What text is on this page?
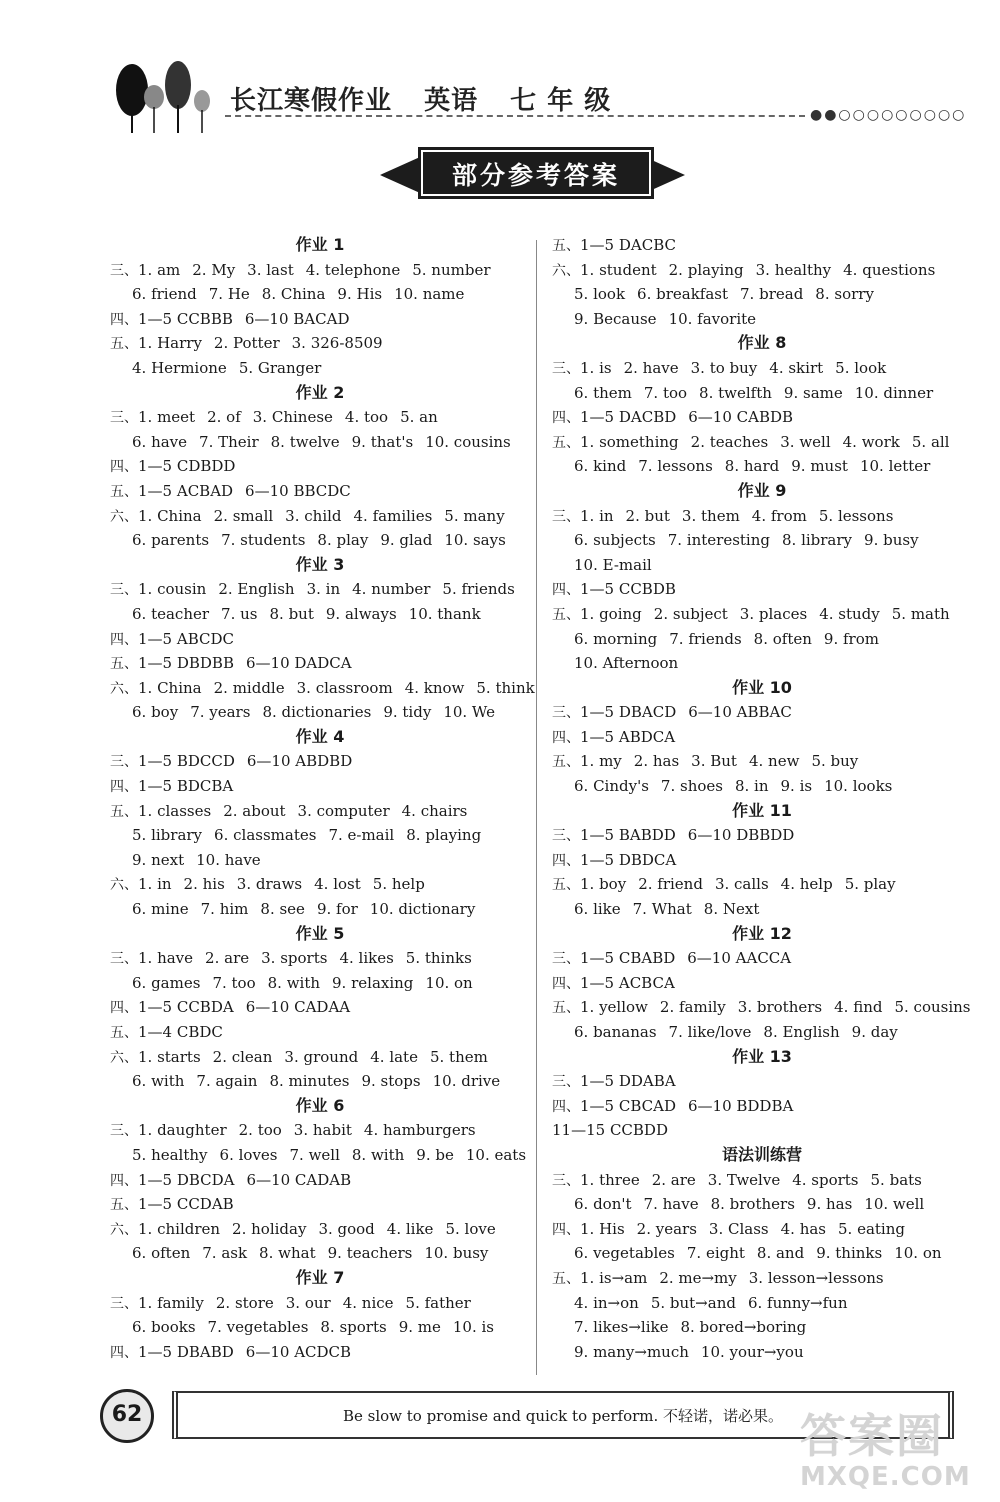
长江寒假作业 英语 七 年 级	●●○○○○○○○○○
部分参考答案
作业 1
三、1. am 2. My 3. last 4. telephone 5. number
6. friend 7. He 8. China 9. His 10. name
四、1—5 CCBBB 6—10 BACAD
五、1. Harry 2. Potter 3. 326-8509
4. Hermione 5. Granger
作业 2
三、1. meet 2. of 3. Chinese 4. too 5. an
6. have 7. Their 8. twelve 9. that's 10. cousins
四、1—5 CDBDD
五、1—5 ACBAD 6—10 BBCDC
六、1. China 2. small 3. child 4. families 5. many
6. parents 7. students 8. play 9. glad 10. says
作业 3
三、1. cousin 2. English 3. in 4. number 5. friends
6. teacher 7. us 8. but 9. always 10. thank
四、1—5 ABCDC
五、1—5 DBDBB 6—10 DADCA
六、1. China 2. middle 3. classroom 4. know 5. think
6. boy 7. years 8. dictionaries 9. tidy 10. We
作业 4
三、1—5 BDCCD 6—10 ABDBD
四、1—5 BDCBA
五、1. classes 2. about 3. computer 4. chairs
5. library 6. classmates 7. e-mail 8. playing
9. next 10. have
六、1. in 2. his 3. draws 4. lost 5. help
6. mine 7. him 8. see 9. for 10. dictionary
作业 5
三、1. have 2. are 3. sports 4. likes 5. thinks
6. games 7. too 8. with 9. relaxing 10. on
四、1—5 CCBDA 6—10 CADAA
五、1—4 CBDC
六、1. starts 2. clean 3. ground 4. late 5. them
6. with 7. again 8. minutes 9. stops 10. drive
作业 6
三、1. daughter 2. too 3. habit 4. hamburgers
5. healthy 6. loves 7. well 8. with 9. be 10. eats
四、1—5 DBCDA 6—10 CADAB
五、1—5 CCDAB
六、1. children 2. holiday 3. good 4. like 5. love
6. often 7. ask 8. what 9. teachers 10. busy
作业 7
三、1. family 2. store 3. our 4. nice 5. father
6. books 7. vegetables 8. sports 9. me 10. is
四、1—5 DBABD 6—10 ACDCB
五、1—5 DACBC
六、1. student 2. playing 3. healthy 4. questions
5. look 6. breakfast 7. bread 8. sorry
9. Because 10. favorite
作业 8
三、1. is 2. have 3. to buy 4. skirt 5. look
6. them 7. too 8. twelfth 9. same 10. dinner
四、1—5 DACBD 6—10 CABDB
五、1. something 2. teaches 3. well 4. work 5. all
6. kind 7. lessons 8. hard 9. must 10. letter
作业 9
三、1. in 2. but 3. them 4. from 5. lessons
6. subjects 7. interesting 8. library 9. busy
10. E-mail
四、1—5 CCBDB
五、1. going 2. subject 3. places 4. study 5. math
6. morning 7. friends 8. often 9. from
10. Afternoon
作业 10
三、1—5 DBACD 6—10 ABBAC
四、1—5 ABDCA
五、1. my 2. has 3. But 4. new 5. buy
6. Cindy's 7. shoes 8. in 9. is 10. looks
作业 11
三、1—5 BABDD 6—10 DBBDD
四、1—5 DBDCA
五、1. boy 2. friend 3. calls 4. help 5. play
6. like 7. What 8. Next
作业 12
三、1—5 CBABD 6—10 AACCA
四、1—5 ACBCA
五、1. yellow 2. family 3. brothers 4. find 5. cousins
6. bananas 7. like/love 8. English 9. day
作业 13
三、1—5 DDABA
四、1—5 CBCAD 6—10 BDDBA
11—15 CCBDD
语法训练营
三、1. three 2. are 3. Twelve 4. sports 5. bats
6. don't 7. have 8. brothers 9. has 10. well
四、1. His 2. years 3. Class 4. has 5. eating
6. vegetables 7. eight 8. and 9. thinks 10. on
五、1. is→am 2. me→my 3. lesson→lessons
4. in→on 5. but→and 6. funny→fun
7. likes→like 8. bored→boring
9. many→much 10. your→you
62	Be slow to promise and quick to perform. 不轻诺，诺必果。 答案圈
MXQE.COM
